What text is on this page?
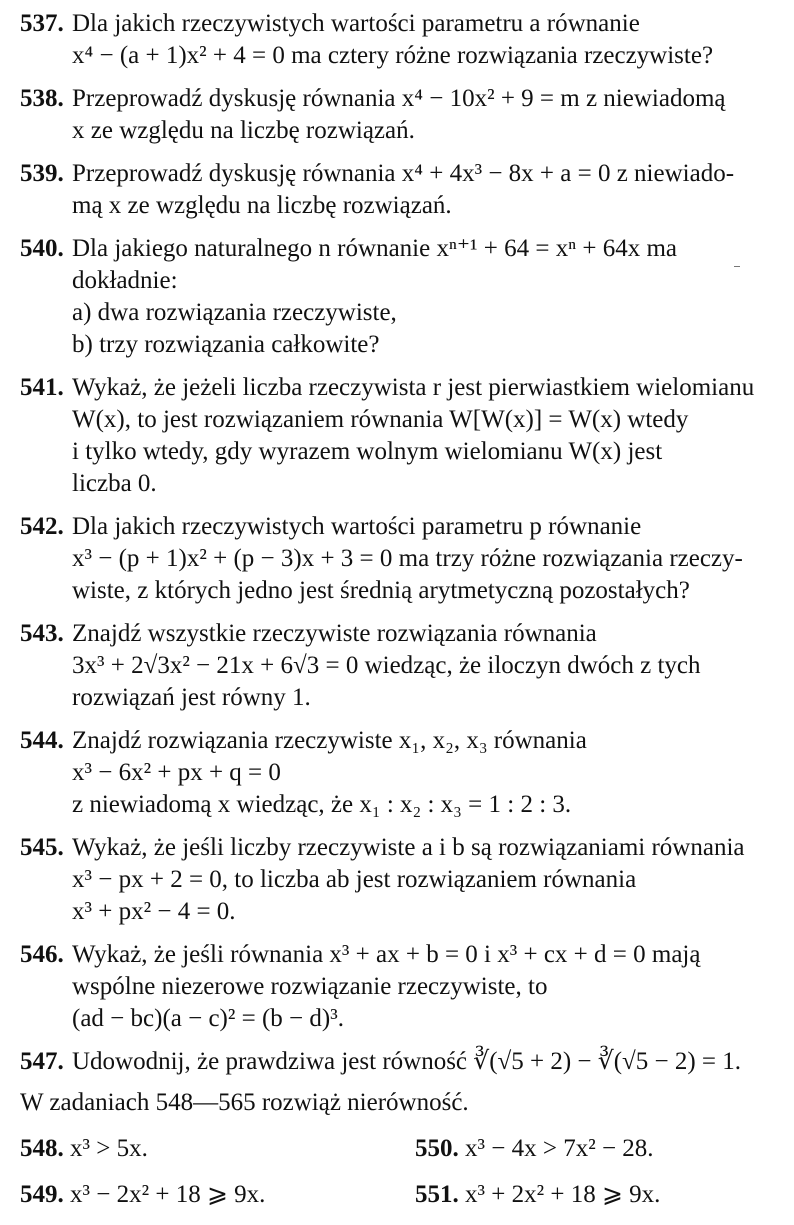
537. Dla jakich rzeczywistych wartości parametru a równanie
x⁴ − (a + 1)x² + 4 = 0 ma cztery różne rozwiązania rzeczywiste?
538. Przeprowadź dyskusję równania x⁴ − 10x² + 9 = m z niewiadomą
x ze względu na liczbę rozwiązań.
539. Przeprowadź dyskusję równania x⁴ + 4x³ − 8x + a = 0 z niewiado-
mą x ze względu na liczbę rozwiązań.
540. Dla jakiego naturalnego n równanie xⁿ⁺¹ + 64 = xⁿ + 64x ma
dokładnie:
a) dwa rozwiązania rzeczywiste,
b) trzy rozwiązania całkowite?
541. Wykaż, że jeżeli liczba rzeczywista r jest pierwiastkiem wielomianu
W(x), to jest rozwiązaniem równania W[W(x)] = W(x) wtedy
i tylko wtedy, gdy wyrazem wolnym wielomianu W(x) jest
liczba 0.
542. Dla jakich rzeczywistych wartości parametru p równanie
x³ − (p + 1)x² + (p − 3)x + 3 = 0 ma trzy różne rozwiązania rzeczy-
wiste, z których jedno jest średnią arytmetyczną pozostałych?
543. Znajdź wszystkie rzeczywiste rozwiązania równania
3x³ + 2√3x² − 21x + 6√3 = 0 wiedząc, że iloczyn dwóch z tych
rozwiązań jest równy 1.
544. Znajdź rozwiązania rzeczywiste x₁, x₂, x₃ równania
x³ − 6x² + px + q = 0
z niewiadomą x wiedząc, że x₁ : x₂ : x₃ = 1 : 2 : 3.
545. Wykaż, że jeśli liczby rzeczywiste a i b są rozwiązaniami równania
x³ − px + 2 = 0, to liczba ab jest rozwiązaniem równania
x³ + px² − 4 = 0.
546. Wykaż, że jeśli równania x³ + ax + b = 0 i x³ + cx + d = 0 mają
wspólne niezerowe rozwiązanie rzeczywiste, to
(ad − bc)(a − c)² = (b − d)³.
547. Udowodnij, że prawdziwa jest równość ∛(√5 + 2) − ∛(√5 − 2) = 1.
W zadaniach 548—565 rozwiąż nierówność.
548. x³ > 5x.	550. x³ − 4x > 7x² − 28.
549. x³ − 2x² + 18 ⩾ 9x.	551. x³ + 2x² + 18 ⩾ 9x.
